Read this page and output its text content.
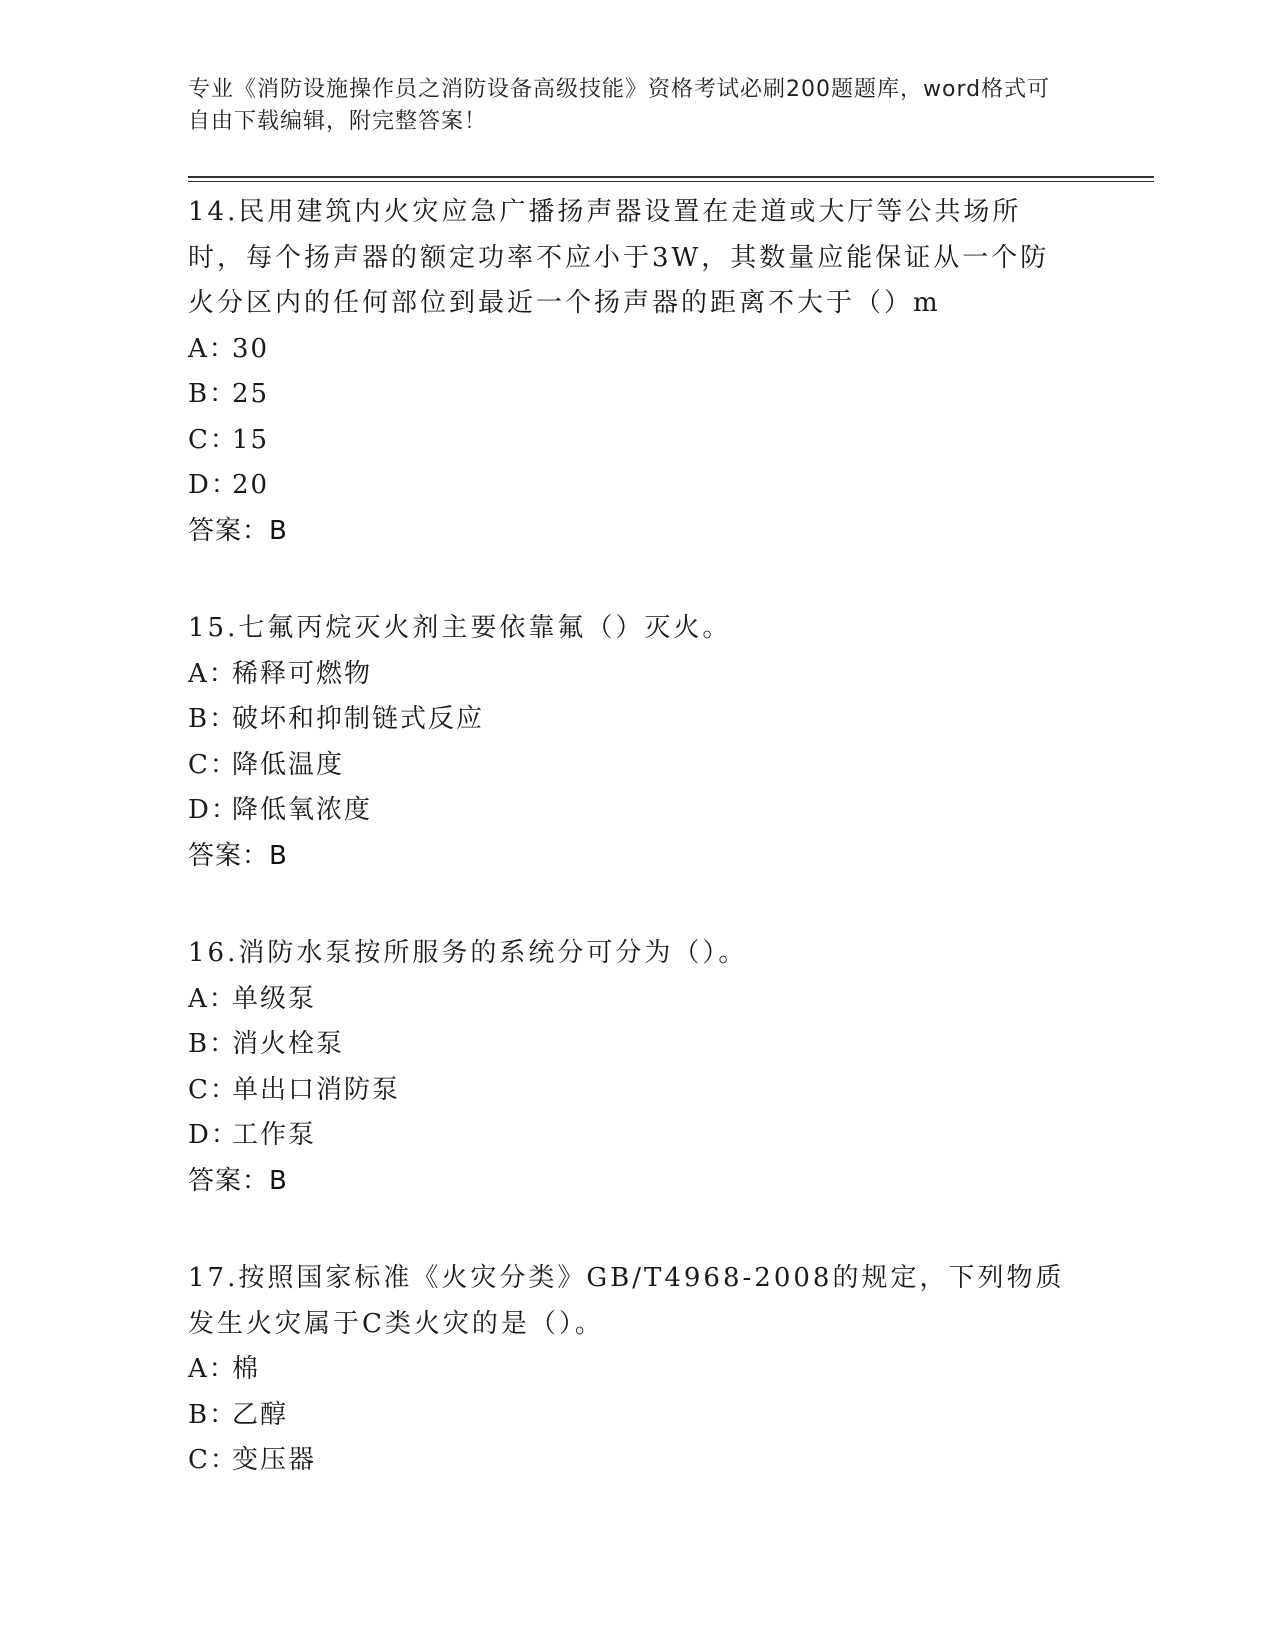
专业《消防设施操作员之消防设备高级技能》资格考试必刷200题题库，word格式可自由下载编辑，附完整答案！

14.民用建筑内火灾应急广播扬声器设置在走道或大厅等公共场所时，每个扬声器的额定功率不应小于3W，其数量应能保证从一个防火分区内的任何部位到最近一个扬声器的距离不大于（）m

A：30

B：25

C：15

D：20

答案：B

15.七氟丙烷灭火剂主要依靠氟（）灭火。

A：稀释可燃物

B：破坏和抑制链式反应

C：降低温度

D：降低氧浓度

答案：B

16.消防水泵按所服务的系统分可分为（）。

A：单级泵

B：消火栓泵

C：单出口消防泵

D：工作泵

答案：B

17.按照国家标准《火灾分类》GB/T4968-2008的规定，下列物质发生火灾属于C类火灾的是（）。

A：棉

B：乙醇

C：变压器
